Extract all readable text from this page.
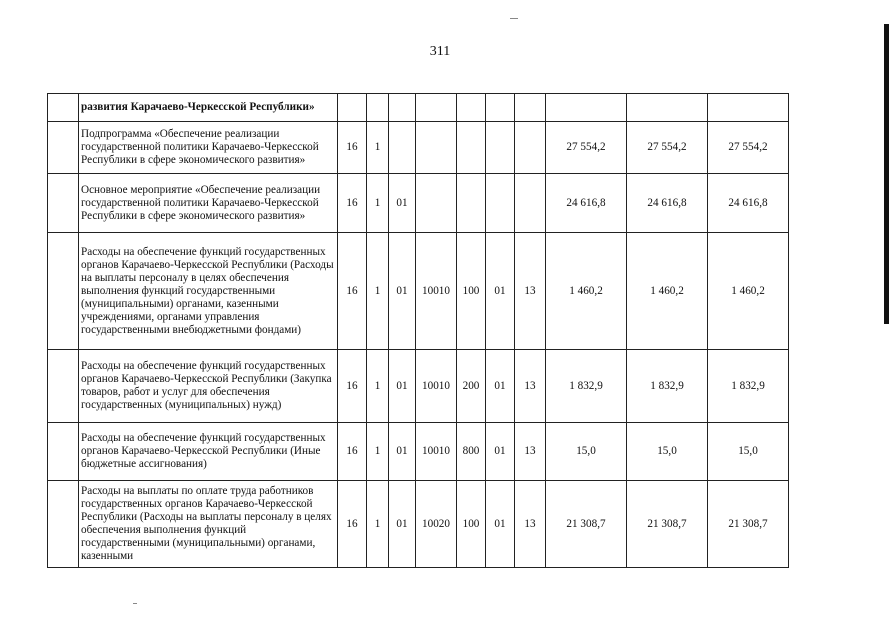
311
	развития Карачаево-Черкесской Республики»										
	Подпрограмма «Обеспечение реализации государственной политики Карачаево-Черкесской Республики в сфере экономического развития»	16	1						27 554,2	27 554,2	27 554,2
	Основное мероприятие «Обеспечение реализации государственной политики Карачаево-Черкесской Республики в сфере экономического развития»	16	1	01					24 616,8	24 616,8	24 616,8
	Расходы на обеспечение функций государственных органов Карачаево-Черкесской Республики (Расходы на выплаты персоналу в целях обеспечения выполнения функций государственными (муниципальными) органами, казенными учреждениями, органами управления государственными внебюджетными фондами)	16	1	01	10010	100	01	13	1 460,2	1 460,2	1 460,2
	Расходы на обеспечение функций государственных органов Карачаево-Черкесской Республики (Закупка товаров, работ и услуг для обеспечения государственных (муниципальных) нужд)	16	1	01	10010	200	01	13	1 832,9	1 832,9	1 832,9
	Расходы на обеспечение функций государственных органов Карачаево-Черкесской Республики (Иные бюджетные ассигнования)	16	1	01	10010	800	01	13	15,0	15,0	15,0
	Расходы на выплаты по оплате труда работников государственных органов Карачаево-Черкесской Республики (Расходы на выплаты персоналу в целях обеспечения выполнения функций государственными (муниципальными) органами, казенными	16	1	01	10020	100	01	13	21 308,7	21 308,7	21 308,7
